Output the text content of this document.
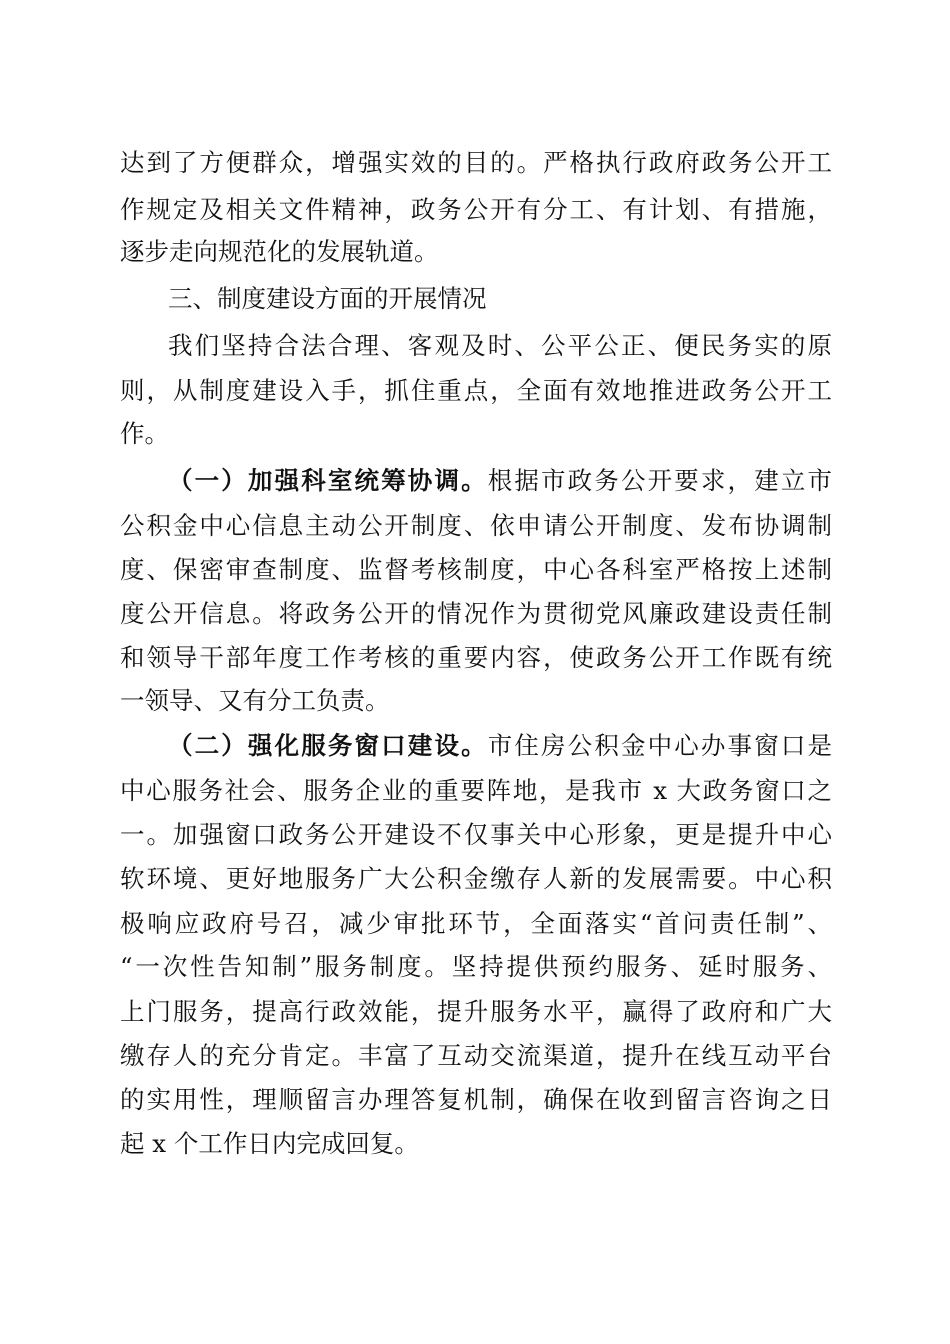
达到了方便群众，增强实效的目的。严格执行政府政务公开工
作规定及相关文件精神，政务公开有分工、有计划、有措施，
逐步走向规范化的发展轨道。
三、制度建设方面的开展情况
我们坚持合法合理、客观及时、公平公正、便民务实的原
则，从制度建设入手，抓住重点，全面有效地推进政务公开工
作。
（一）加强科室统筹协调。根据市政务公开要求，建立市
公积金中心信息主动公开制度、依申请公开制度、发布协调制
度、保密审查制度、监督考核制度，中心各科室严格按上述制
度公开信息。将政务公开的情况作为贯彻党风廉政建设责任制
和领导干部年度工作考核的重要内容，使政务公开工作既有统
一领导、又有分工负责。
（二）强化服务窗口建设。市住房公积金中心办事窗口是
中心服务社会、服务企业的重要阵地，是我市 x 大政务窗口之
一。加强窗口政务公开建设不仅事关中心形象，更是提升中心
软环境、更好地服务广大公积金缴存人新的发展需要。中心积
极响应政府号召，减少审批环节，全面落实“首问责任制”、
“一次性告知制”服务制度。坚持提供预约服务、延时服务、
上门服务，提高行政效能，提升服务水平，赢得了政府和广大
缴存人的充分肯定。丰富了互动交流渠道，提升在线互动平台
的实用性，理顺留言办理答复机制，确保在收到留言咨询之日
起 x 个工作日内完成回复。
